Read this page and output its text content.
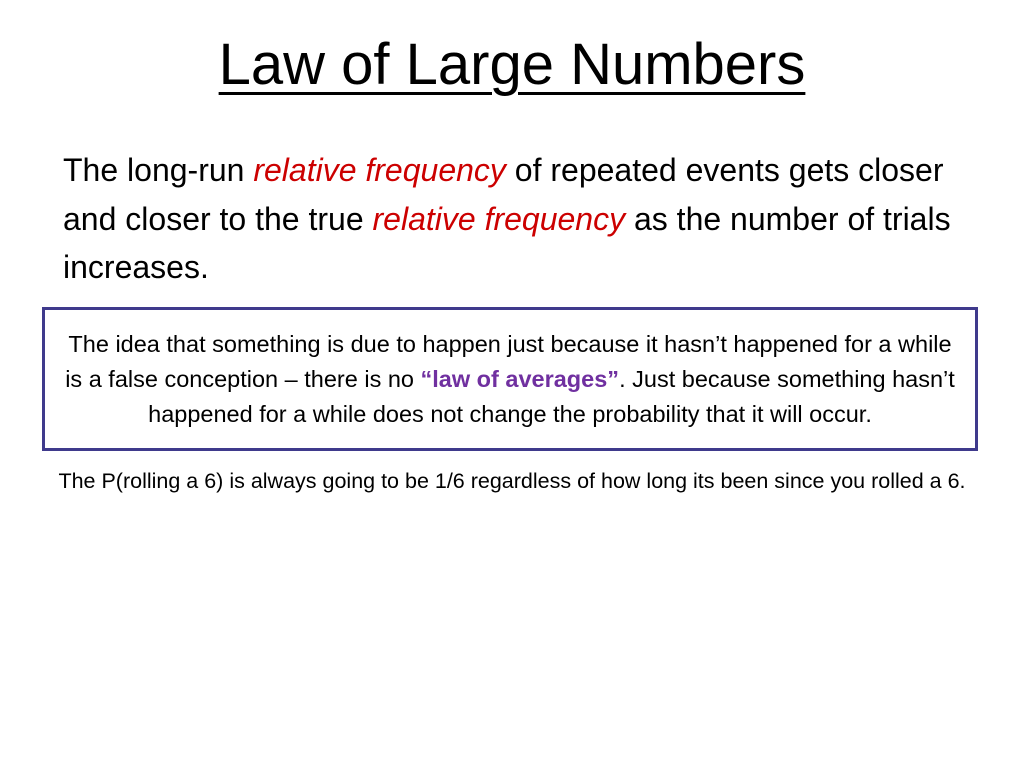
Law of Large Numbers
The long-run relative frequency of repeated events gets closer and closer to the true relative frequency as the number of trials increases.
The idea that something is due to happen just because it hasn’t happened for a while is a false conception – there is no “law of averages”. Just because something hasn’t happened for a while does not change the probability that it will occur.
The P(rolling a 6) is always going to be 1/6 regardless of how long its been since you rolled a 6.
